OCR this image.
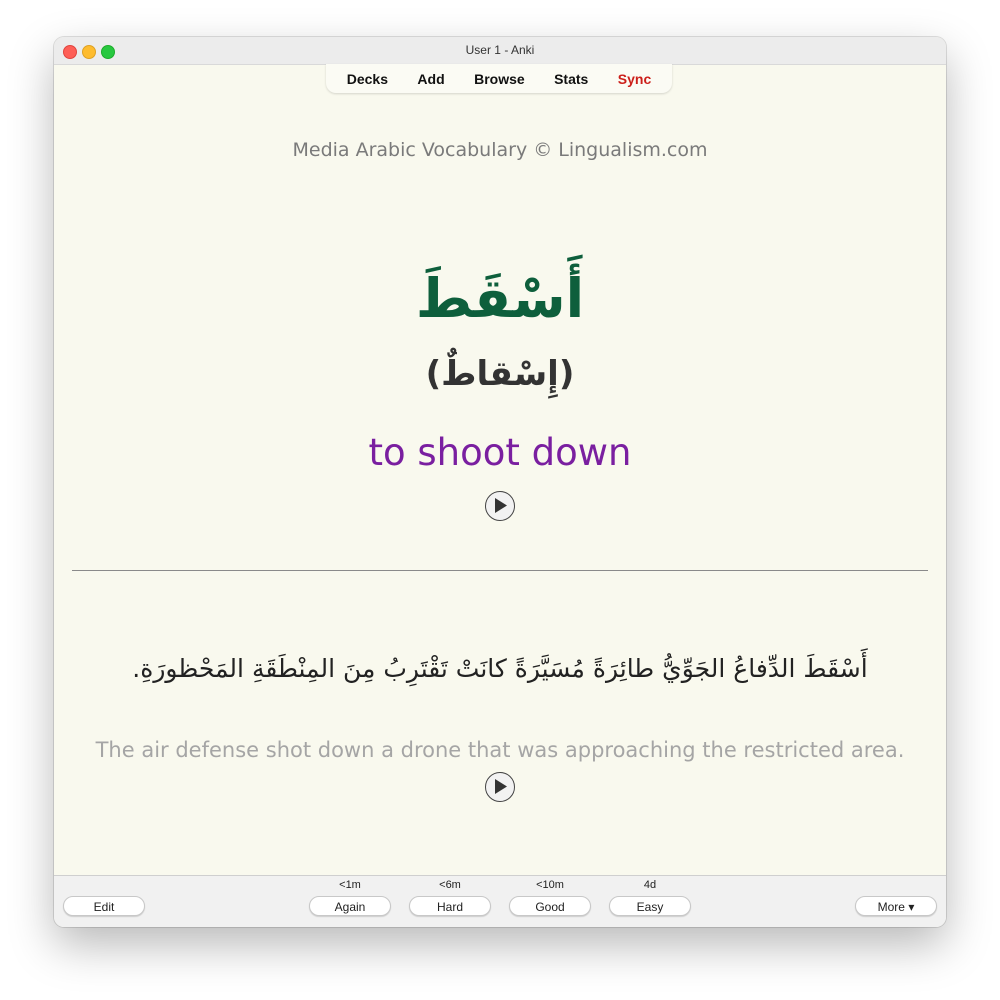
User 1 - Anki
Decks Add Browse Stats Sync
Media Arabic Vocabulary © Lingualism.com
أَسْقَطَ
(إِسْقاطٌ)
to shoot down
أَسْقَطَ الدِّفاعُ الجَوِّيُّ طائِرَةً مُسَيَّرَةً كانَتْ تَقْتَرِبُ مِنَ المِنْطَقَةِ المَحْظورَةِ.
The air defense shot down a drone that was approaching the restricted area.
Edit
<1m
Again
<6m
Hard
<10m
Good
4d
Easy	More ▾
